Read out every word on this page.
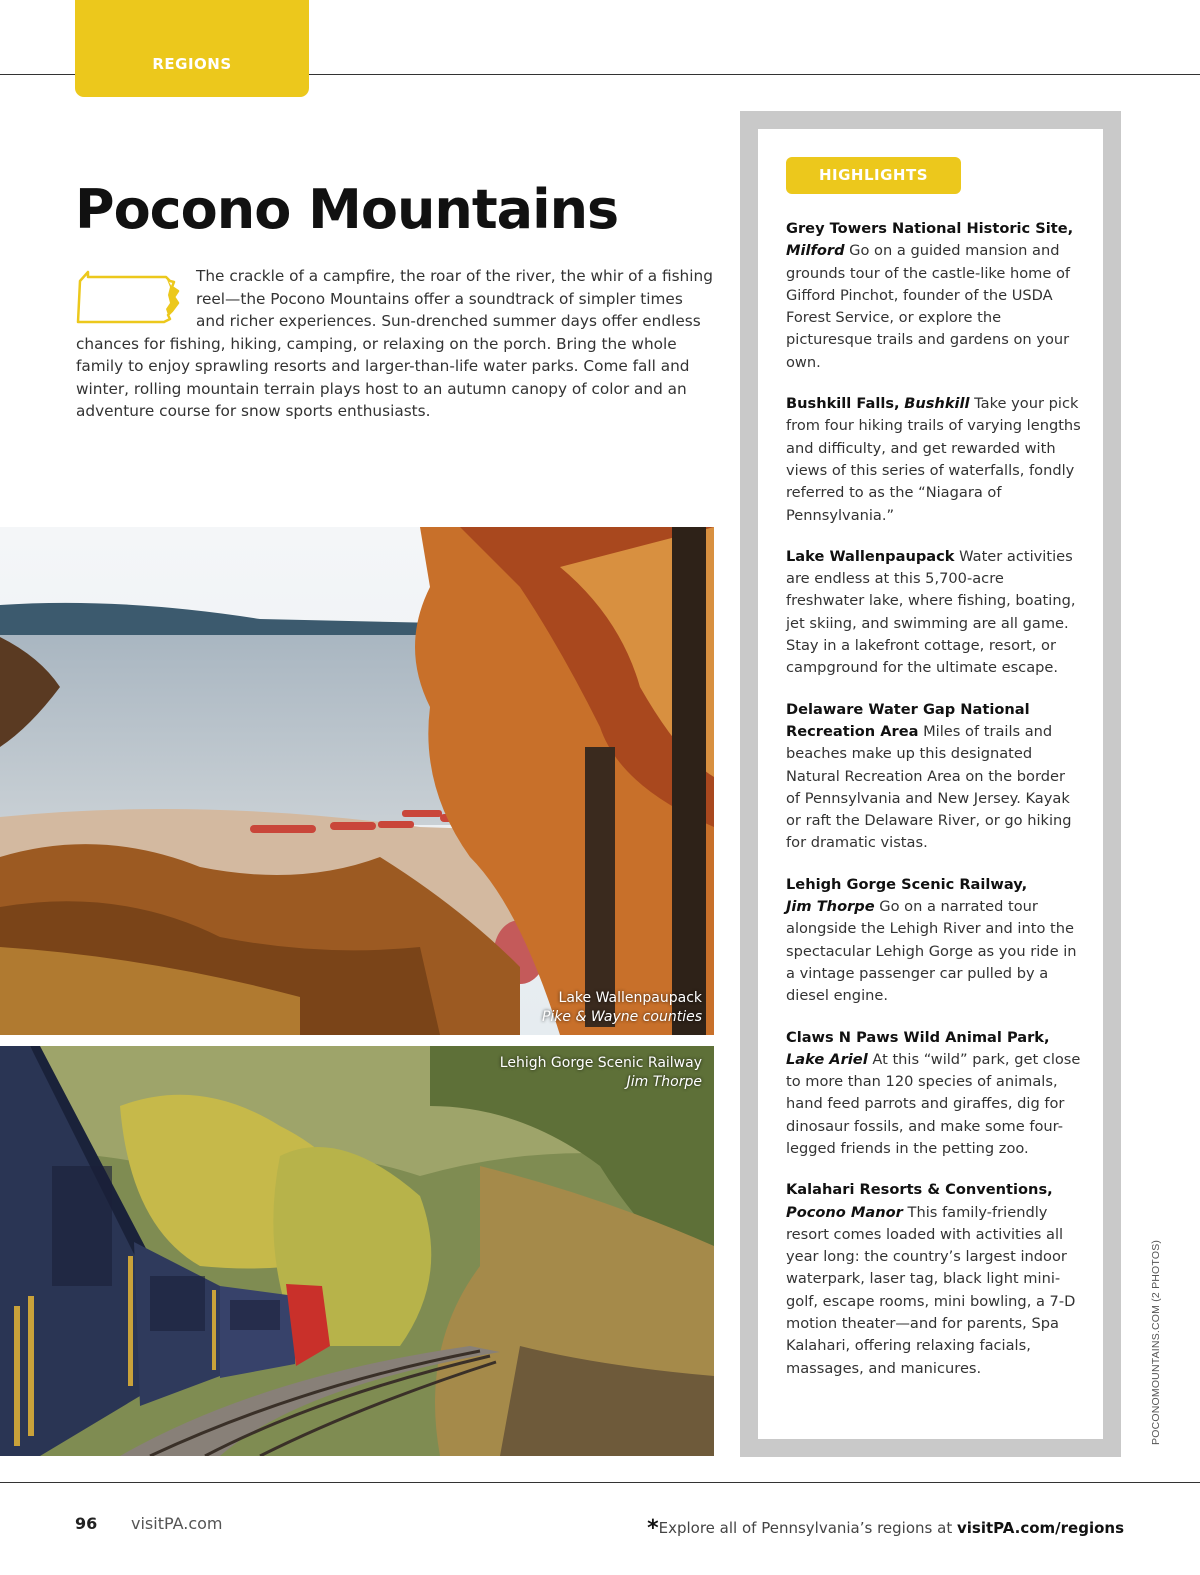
REGIONS
Pocono Mountains

The crackle of a campfire, the roar of the river, the whir of a fishing reel—the Pocono Mountains offer a soundtrack of simpler times and richer experiences. Sun-drenched summer days offer endless chances for fishing, hiking, camping, or relaxing on the porch. Bring the whole family to enjoy sprawling resorts and larger-than-life water parks. Come fall and winter, rolling mountain terrain plays host to an autumn canopy of color and an adventure course for snow sports enthusiasts.

Lake Wallenpaupack
Pike & Wayne counties
Lehigh Gorge Scenic Railway
Jim Thorpe
HIGHLIGHTS

Grey Towers National Historic Site,
Milford Go on a guided mansion and grounds tour of the castle-like home of Gifford Pinchot, founder of the USDA Forest Service, or explore the picturesque trails and gardens on your own.

Bushkill Falls, Bushkill Take your pick from four hiking trails of varying lengths and difficulty, and get rewarded with views of this series of waterfalls, fondly referred to as the “Niagara of Pennsylvania.”

Lake Wallenpaupack Water activities are endless at this 5,700-acre freshwater lake, where fishing, boating, jet skiing, and swimming are all game. Stay in a lakefront cottage, resort, or campground for the ultimate escape.

Delaware Water Gap National Recreation Area Miles of trails and beaches make up this designated Natural Recreation Area on the border of Pennsylvania and New Jersey. Kayak or raft the Delaware River, or go hiking for dramatic vistas.

Lehigh Gorge Scenic Railway,
Jim Thorpe Go on a narrated tour alongside the Lehigh River and into the spectacular Lehigh Gorge as you ride in a vintage passenger car pulled by a diesel engine.

Claws N Paws Wild Animal Park, Lake Ariel At this “wild” park, get close to more than 120 species of animals, hand feed parrots and giraffes, dig for dinosaur fossils, and make some four-legged friends in the petting zoo.

Kalahari Resorts & Conventions,
Pocono Manor This family-friendly resort comes loaded with activities all year long: the country’s largest indoor waterpark, laser tag, black light mini-golf, escape rooms, mini bowling, a 7-D motion theater—and for parents, Spa Kalahari, offering relaxing facials, massages, and manicures.	POCONOMOUNTAINS.COM (2 PHOTOS)
96 visitPA.com	*Explore all of Pennsylvania’s regions at visitPA.com/regions
